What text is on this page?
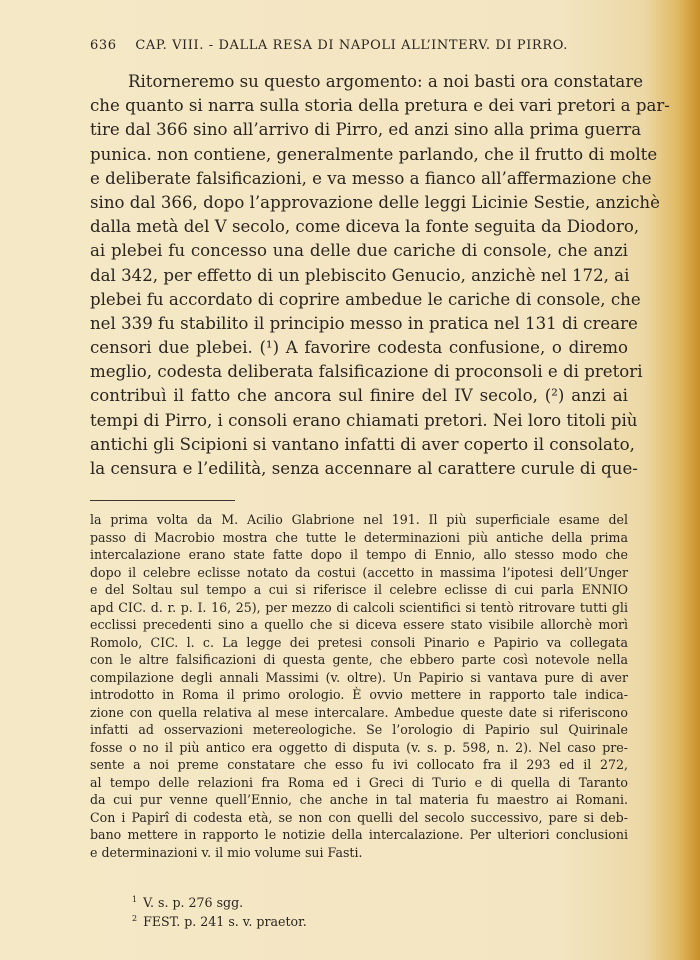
636 CAP. VIII. - DALLA RESA DI NAPOLI ALL’INTERV. DI PIRRO.
Ritorneremo su questo argomento: a noi basti ora constatare
che quanto si narra sulla storia della pretura e dei vari pretori a par-
tire dal 366 sino all’arrivo di Pirro, ed anzi sino alla prima guerra
punica. non contiene, generalmente parlando, che il frutto di molte
e deliberate falsificazioni, e va messo a fianco all’affermazione che
sino dal 366, dopo l’approvazione delle leggi Licinie Sestie, anzichè
dalla metà del V secolo, come diceva la fonte seguita da Diodoro,
ai plebei fu concesso una delle due cariche di console, che anzi
dal 342, per effetto di un plebiscito Genucio, anzichè nel 172, ai
plebei fu accordato di coprire ambedue le cariche di console, che
nel 339 fu stabilito il principio messo in pratica nel 131 di creare
censori due plebei. (¹) A favorire codesta confusione, o diremo
meglio, codesta deliberata falsificazione di proconsoli e di pretori
contribuì il fatto che ancora sul finire del IV secolo, (²) anzi ai
tempi di Pirro, i consoli erano chiamati pretori. Nei loro titoli più
antichi gli Scipioni si vantano infatti di aver coperto il consolato,
la censura e l’edilità, senza accennare al carattere curule di que-
la prima volta da M. Acilio Glabrione nel 191. Il più superficiale esame del
passo di Macrobio mostra che tutte le determinazioni più antiche della prima
intercalazione erano state fatte dopo il tempo di Ennio, allo stesso modo che
dopo il celebre eclisse notato da costui (accetto in massima l’ipotesi dell’Unger
e del Soltau sul tempo a cui si riferisce il celebre eclisse di cui parla ENNIO
apd CIC. d. r. p. I. 16, 25), per mezzo di calcoli scientifici si tentò ritrovare tutti gli
ecclissi precedenti sino a quello che si diceva essere stato visibile allorchè morì
Romolo, CIC. l. c. La legge dei pretesi consoli Pinario e Papirio va collegata
con le altre falsificazioni di questa gente, che ebbero parte così notevole nella
compilazione degli annali Massimi (v. oltre). Un Papirio si vantava pure di aver
introdotto in Roma il primo orologio. È ovvio mettere in rapporto tale indica-
zione con quella relativa al mese intercalare. Ambedue queste date si riferiscono
infatti ad osservazioni metereologiche. Se l’orologio di Papirio sul Quirinale
fosse o no il più antico era oggetto di disputa (v. s. p. 598, n. 2). Nel caso pre-
sente a noi preme constatare che esso fu ivi collocato fra il 293 ed il 272,
al tempo delle relazioni fra Roma ed i Greci di Turio e di quella di Taranto
da cui pur venne quell’Ennio, che anche in tal materia fu maestro ai Romani.
Con i Papirî di codesta età, se non con quelli del secolo successivo, pare si deb-
bano mettere in rapporto le notizie della intercalazione. Per ulteriori conclusioni
e determinazioni v. il mio volume sui Fasti.
$^1$ V. s. p. 276 sgg.
$^2$ FEST. p. 241 s. v. praetor.
